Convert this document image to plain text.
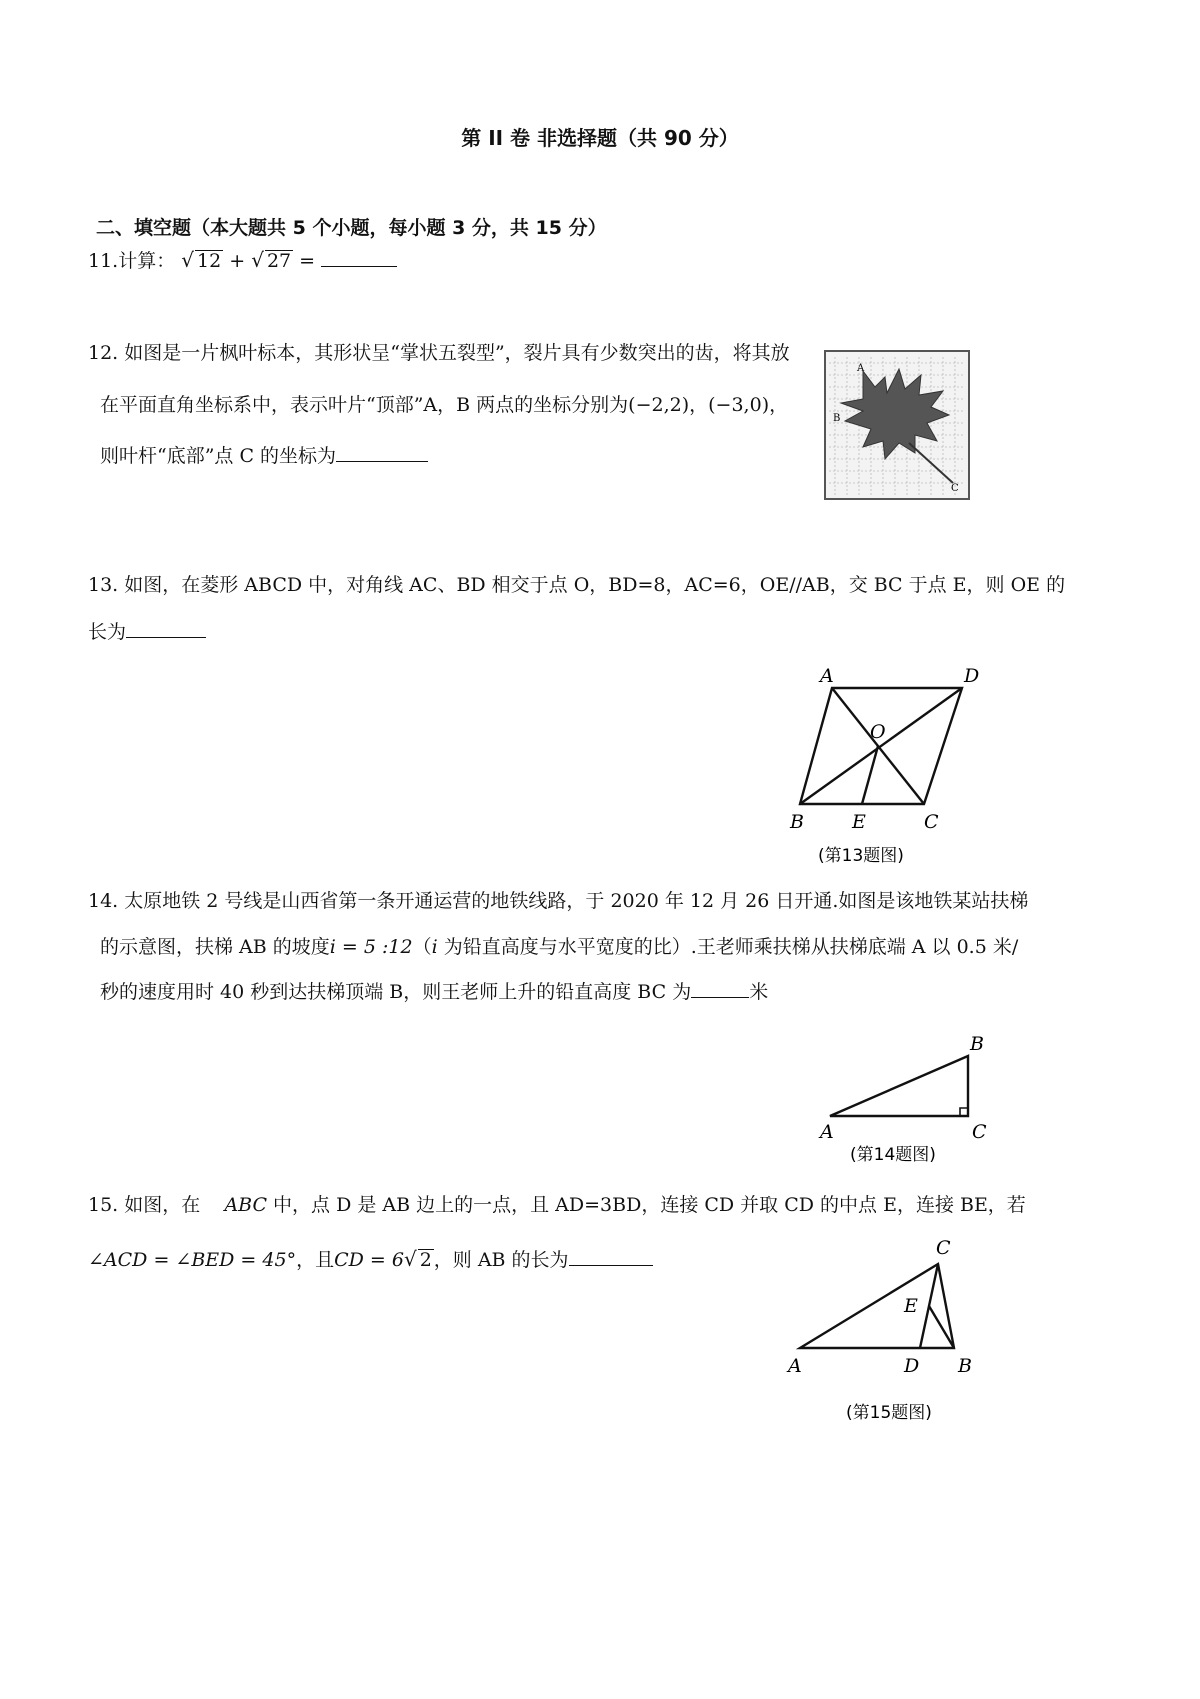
第 II 卷 非选择题（共 90 分）
二、填空题（本大题共 5 个小题，每小题 3 分，共 15 分）
11.计算： √ 12 + √ 27 =
12. 如图是一片枫叶标本，其形状呈“掌状五裂型”，裂片具有少数突出的齿，将其放
在平面直角坐标系中，表示叶片“顶部”A，B 两点的坐标分别为(−2,2)，(−3,0)，
则叶杆“底部”点 C 的坐标为
A
B
C
13. 如图，在菱形 ABCD 中，对角线 AC、BD 相交于点 O，BD=8，AC=6，OE//AB，交 BC 于点 E，则 OE 的
长为
A	D
O
B	E	C
(第13题图)
14. 太原地铁 2 号线是山西省第一条开通运营的地铁线路，于 2020 年 12 月 26 日开通.如图是该地铁某站扶梯
的示意图，扶梯 AB 的坡度i = 5 :12（i 为铅直高度与水平宽度的比）.王老师乘扶梯从扶梯底端 A 以 0.5 米/
秒的速度用时 40 秒到达扶梯顶端 B，则王老师上升的铅直高度 BC 为	米
B
A	C
(第14题图)
15. 如图，在 ABC 中，点 D 是 AB 边上的一点，且 AD=3BD，连接 CD 并取 CD 的中点 E，连接 BE，若
∠ACD = ∠BED = 45°，且CD = 6√ 2 ，则 AB 的长为
C
E
A	D B
(第15题图)
